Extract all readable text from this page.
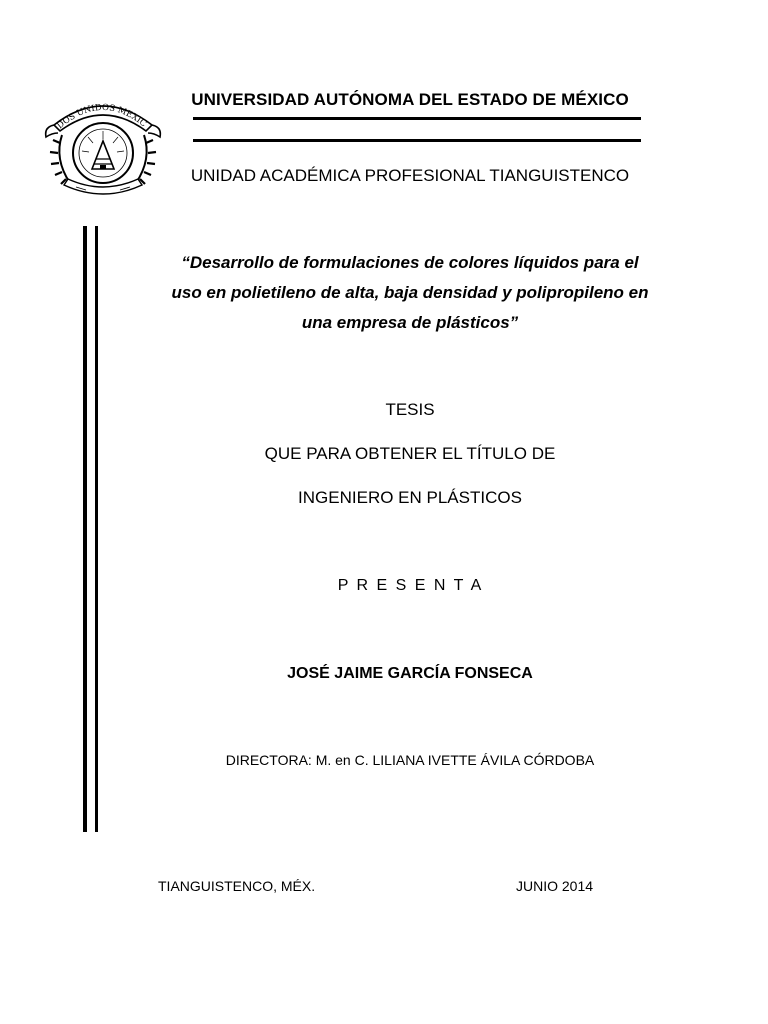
DOS UNIDOS MEXIC
UNIVERSIDAD AUTÓNOMA DEL ESTADO DE MÉXICO
UNIDAD ACADÉMICA PROFESIONAL TIANGUISTENCO
“Desarrollo de formulaciones de colores líquidos para el
uso en polietileno de alta, baja densidad y polipropileno en
una empresa de plásticos”
TESIS
QUE PARA OBTENER EL TÍTULO DE
INGENIERO EN PLÁSTICOS
P R E S E N T A
JOSÉ JAIME GARCÍA FONSECA
DIRECTORA: M. en C. LILIANA IVETTE ÁVILA CÓRDOBA
TIANGUISTENCO, MÉX.	JUNIO 2014
